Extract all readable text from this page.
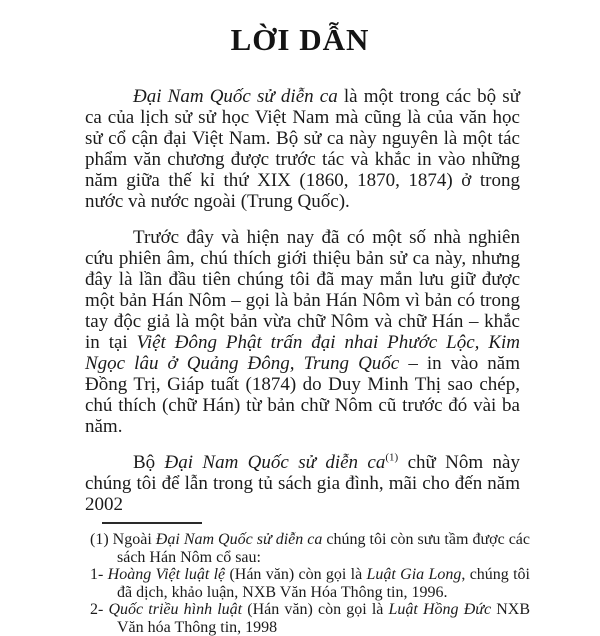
LỜI DẪN

Đại Nam Quốc sử diễn ca là một trong các bộ sử ca của lịch sử sử học Việt Nam mà cũng là của văn học sử cổ cận đại Việt Nam. Bộ sử ca này nguyên là một tác phẩm văn chương được trước tác và khắc in vào những năm giữa thế kỉ thứ XIX (1860, 1870, 1874) ở trong nước và nước ngoài (Trung Quốc).

Trước đây và hiện nay đã có một số nhà nghiên cứu phiên âm, chú thích giới thiệu bản sử ca này, nhưng đây là lần đầu tiên chúng tôi đã may mắn lưu giữ được một bản Hán Nôm – gọi là bản Hán Nôm vì bản có trong tay độc giả là một bản vừa chữ Nôm và chữ Hán – khắc in tại Việt Đông Phật trấn đại nhai Phước Lộc, Kim Ngọc lâu ở Quảng Đông, Trung Quốc – in vào năm Đồng Trị, Giáp tuất (1874) do Duy Minh Thị sao chép, chú thích (chữ Hán) từ bản chữ Nôm cũ trước đó vài ba năm.

Bộ Đại Nam Quốc sử diễn ca$^{(1)}$ chữ Nôm này chúng tôi để lẫn trong tủ sách gia đình, mãi cho đến năm 2002

(1) Ngoài Đại Nam Quốc sử diễn ca chúng tôi còn sưu tầm được các sách Hán Nôm cổ sau:

1- Hoàng Việt luật lệ (Hán văn) còn gọi là Luật Gia Long, chúng tôi đã dịch, khảo luận, NXB Văn Hóa Thông tin, 1996.

2- Quốc triều hình luật (Hán văn) còn gọi là Luật Hồng Đức NXB Văn hóa Thông tin, 1998
